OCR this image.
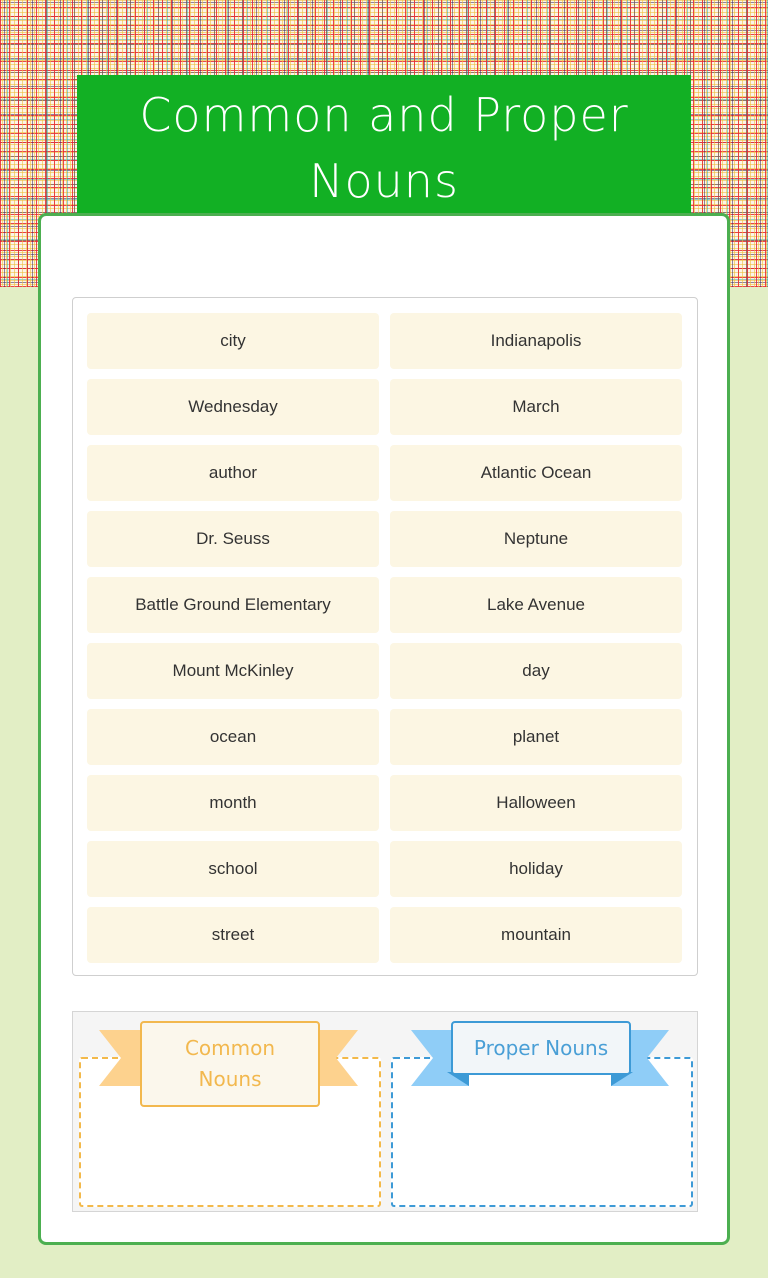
Common and Proper Nouns
city	Indianapolis
Wednesday	March
author	Atlantic Ocean
Dr. Seuss	Neptune
Battle Ground Elementary	Lake Avenue
Mount McKinley	day
ocean	planet
month	Halloween
school	holiday
street	mountain
Common Nouns
Proper Nouns
